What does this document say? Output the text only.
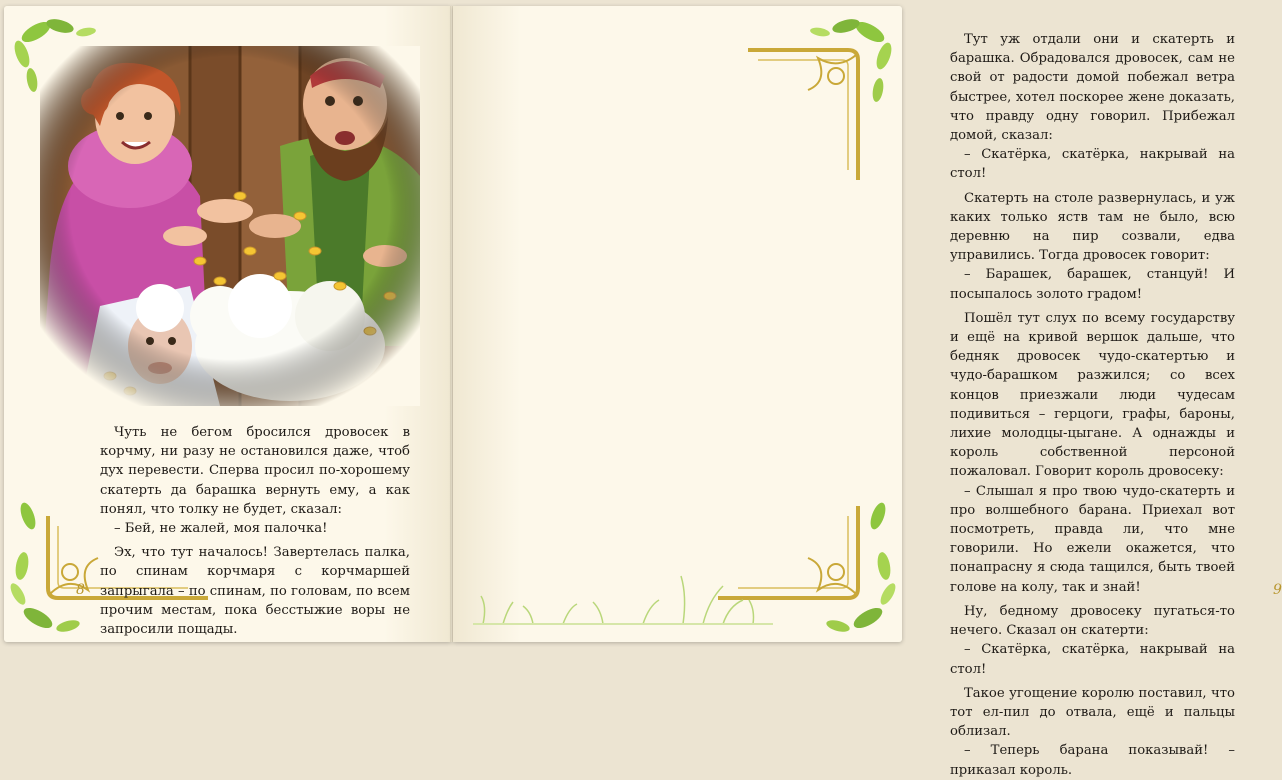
Чуть не бегом бросился дровосек в корчму, ни разу не остановился даже, чтоб дух перевести. Сперва просил по-хорошему скатерть да барашка вернуть ему, а как понял, что толку не будет, сказал:

– Бей, не жалей, моя палочка!

Эх, что тут началось! Завертелась палка, по спинам корчмаря с корчмаршей запрыгала – по спинам, по головам, по всем прочим местам, пока бесстыжие воры не запросили пощады.

8

Тут уж отдали они и скатерть и барашка. Обрадовался дровосек, сам не свой от радости домой побежал ветра быстрее, хотел поскорее жене доказать, что правду одну говорил. Прибежал домой, сказал:

– Скатёрка, скатёрка, накрывай на стол!

Скатерть на столе развернулась, и уж каких только яств там не было, всю деревню на пир созвали, едва управились. Тогда дровосек говорит:

– Барашек, барашек, станцуй! И посыпалось золото градом!

Пошёл тут слух по всему государству и ещё на кривой вершок дальше, что бедняк дровосек чудо-скатертью и чудо-барашком разжился; со всех концов приезжали люди чудесам подивиться – герцоги, графы, бароны, лихие молодцы-цыгане. А однажды и король собственной персоной пожаловал. Говорит король дровосеку:

– Слышал я про твою чудо-скатерть и про волшебного барана. Приехал вот посмотреть, правда ли, что мне говорили. Но ежели окажется, что понапрасну я сюда тащился, быть твоей голове на колу, так и знай!

Ну, бедному дровосеку пугаться-то нечего. Сказал он скатерти:

– Скатёрка, скатёрка, накрывай на стол!

Такое угощение королю поставил, что тот ел-пил до отвала, ещё и пальцы облизал.

– Теперь барана показывай! – приказал король.

9
